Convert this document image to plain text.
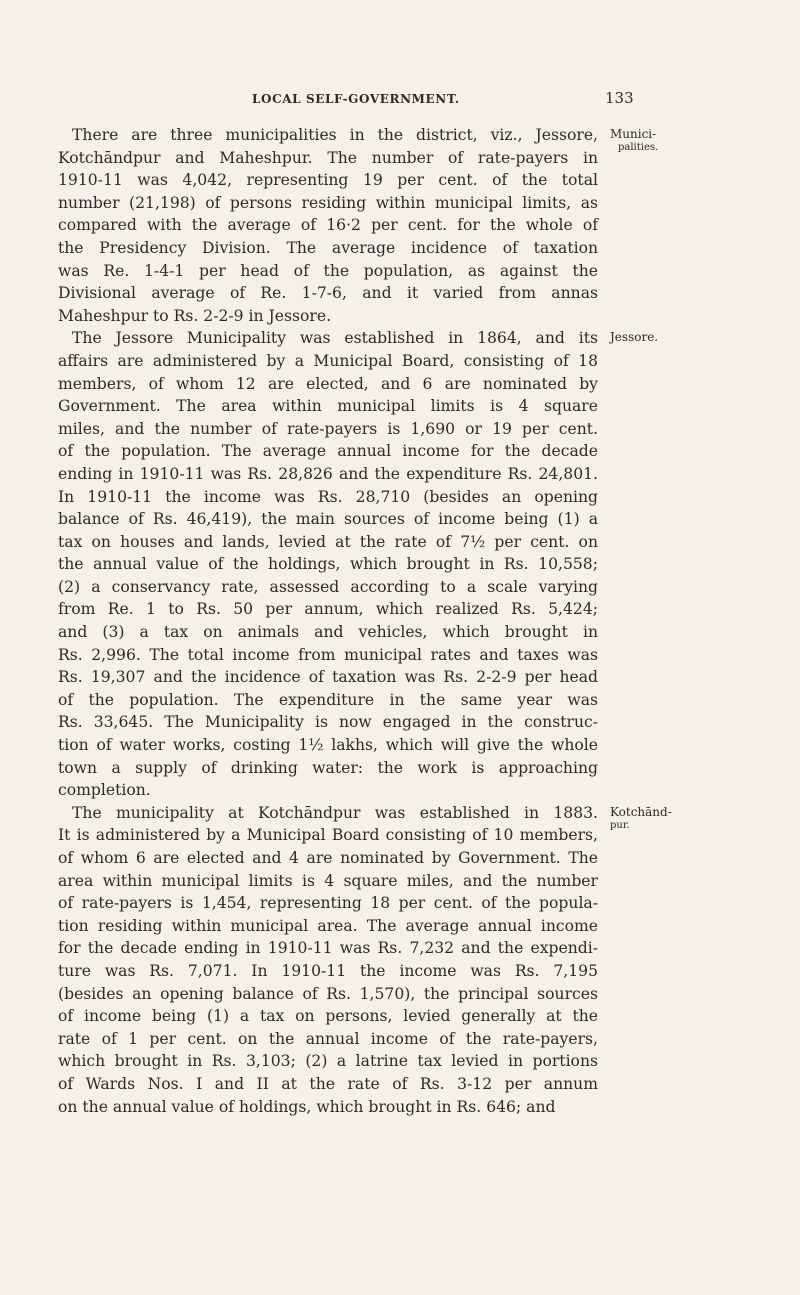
LOCAL SELF-GOVERNMENT.	133
Munici-
palities.
Jessore.
Kotchānd-
pur.
There are three municipalities in the district, viz., Jessore,
Kotchāndpur and Maheshpur. The number of rate-payers in
1910-11 was 4,042, representing 19 per cent. of the total
number (21,198) of persons residing within municipal limits, as
compared with the average of 16·2 per cent. for the whole of
the Presidency Division. The average incidence of taxation
was Re. 1-4-1 per head of the population, as against the
Divisional average of Re. 1-7-6, and it varied from annas
Maheshpur to Rs. 2-2-9 in Jessore.
The Jessore Municipality was established in 1864, and its
affairs are administered by a Municipal Board, consisting of 18
members, of whom 12 are elected, and 6 are nominated by
Government. The area within municipal limits is 4 square
miles, and the number of rate-payers is 1,690 or 19 per cent.
of the population. The average annual income for the decade
ending in 1910-11 was Rs. 28,826 and the expenditure Rs. 24,801.
In 1910-11 the income was Rs. 28,710 (besides an opening
balance of Rs. 46,419), the main sources of income being (1) a
tax on houses and lands, levied at the rate of 7½ per cent. on
the annual value of the holdings, which brought in Rs. 10,558;
(2) a conservancy rate, assessed according to a scale varying
from Re. 1 to Rs. 50 per annum, which realized Rs. 5,424;
and (3) a tax on animals and vehicles, which brought in
Rs. 2,996. The total income from municipal rates and taxes was
Rs. 19,307 and the incidence of taxation was Rs. 2-2-9 per head
of the population. The expenditure in the same year was
Rs. 33,645. The Municipality is now engaged in the construc-
tion of water works, costing 1½ lakhs, which will give the whole
town a supply of drinking water: the work is approaching
completion.
The municipality at Kotchāndpur was established in 1883.
It is administered by a Municipal Board consisting of 10 members,
of whom 6 are elected and 4 are nominated by Government. The
area within municipal limits is 4 square miles, and the number
of rate-payers is 1,454, representing 18 per cent. of the popula-
tion residing within municipal area. The average annual income
for the decade ending in 1910-11 was Rs. 7,232 and the expendi-
ture was Rs. 7,071. In 1910-11 the income was Rs. 7,195
(besides an opening balance of Rs. 1,570), the principal sources
of income being (1) a tax on persons, levied generally at the
rate of 1 per cent. on the annual income of the rate-payers,
which brought in Rs. 3,103; (2) a latrine tax levied in portions
of Wards Nos. I and II at the rate of Rs. 3-12 per annum
on the annual value of holdings, which brought in Rs. 646; and
